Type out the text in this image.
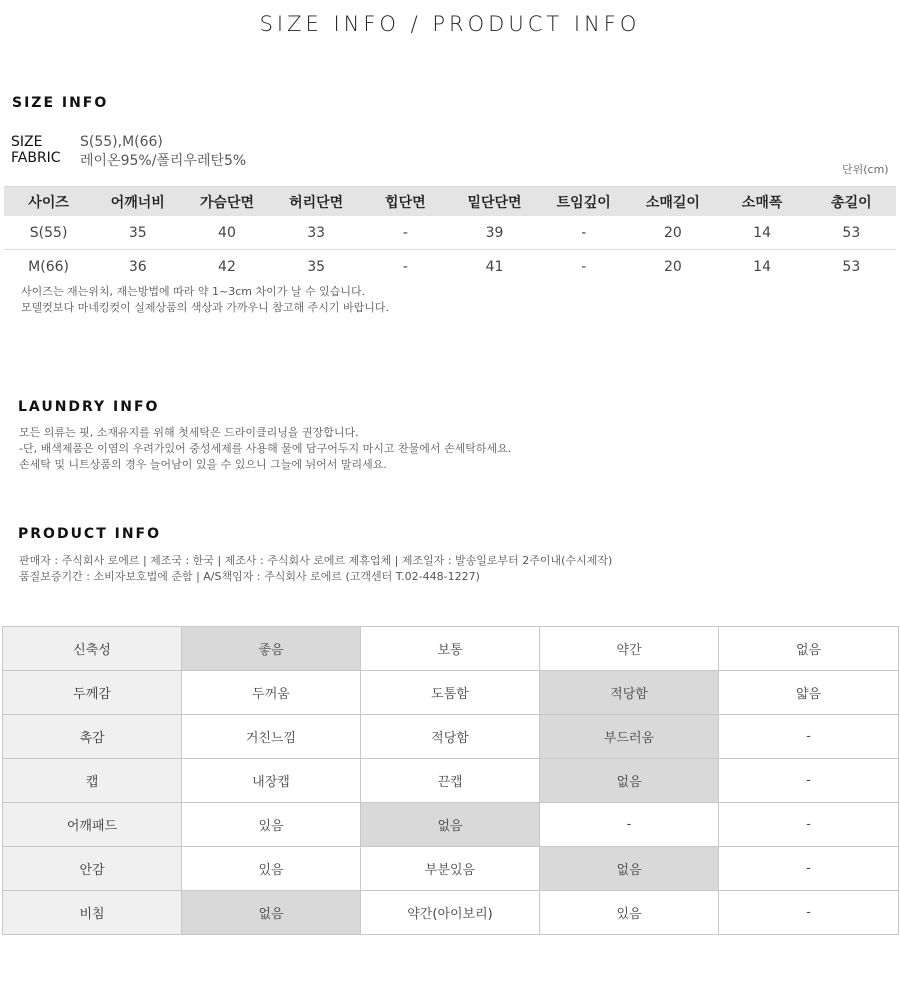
SIZE INFO / PRODUCT INFO
SIZE INFO
SIZE	S(55),M(66)
FABRIC 레이온95%/폴리우레탄5%
단위(cm)
사이즈	어깨너비	가슴단면	허리단면	힙단면	밑단단면	트임깊이	소매길이	소매폭	총길이
S(55)	35	40	33	-	39	-	20	14	53
M(66)	36	42	35	-	41	-	20	14	53
사이즈는 재는위치, 재는방법에 따라 약 1~3cm 차이가 날 수 있습니다.
모델컷보다 마네킹컷이 실제상품의 색상과 가까우니 참고해 주시기 바랍니다.
LAUNDRY INFO
모든 의류는 핏, 소재유지를 위해 첫세탁은 드라이클리닝을 권장합니다.
-단, 배색제품은 이염의 우려가있어 중성세제를 사용해 물에 담구어두지 마시고 찬물에서 손세탁하세요.
손세탁 및 니트상품의 경우 늘어남이 있을 수 있으니 그늘에 뉘어서 말리세요.
PRODUCT INFO
판매자 : 주식회사 로에르 | 제조국 : 한국 | 제조사 : 주식회사 로에르 제휴업체 | 제조일자 : 발송일로부터 2주이내(수시제작)
품질보증기간 : 소비자보호법에 준함 | A/S책임자 : 주식회사 로에르 (고객센터 T.02-448-1227)
신축성	좋음	보통	약간	없음
두께감	두꺼움	도톰함	적당함	얇음
촉감	거친느낌	적당함	부드러움	-
캡	내장캡	끈캡	없음	-
어깨패드	있음	없음	-	-
안감	있음	부분있음	없음	-
비침	없음	약간(아이보리)	있음	-
